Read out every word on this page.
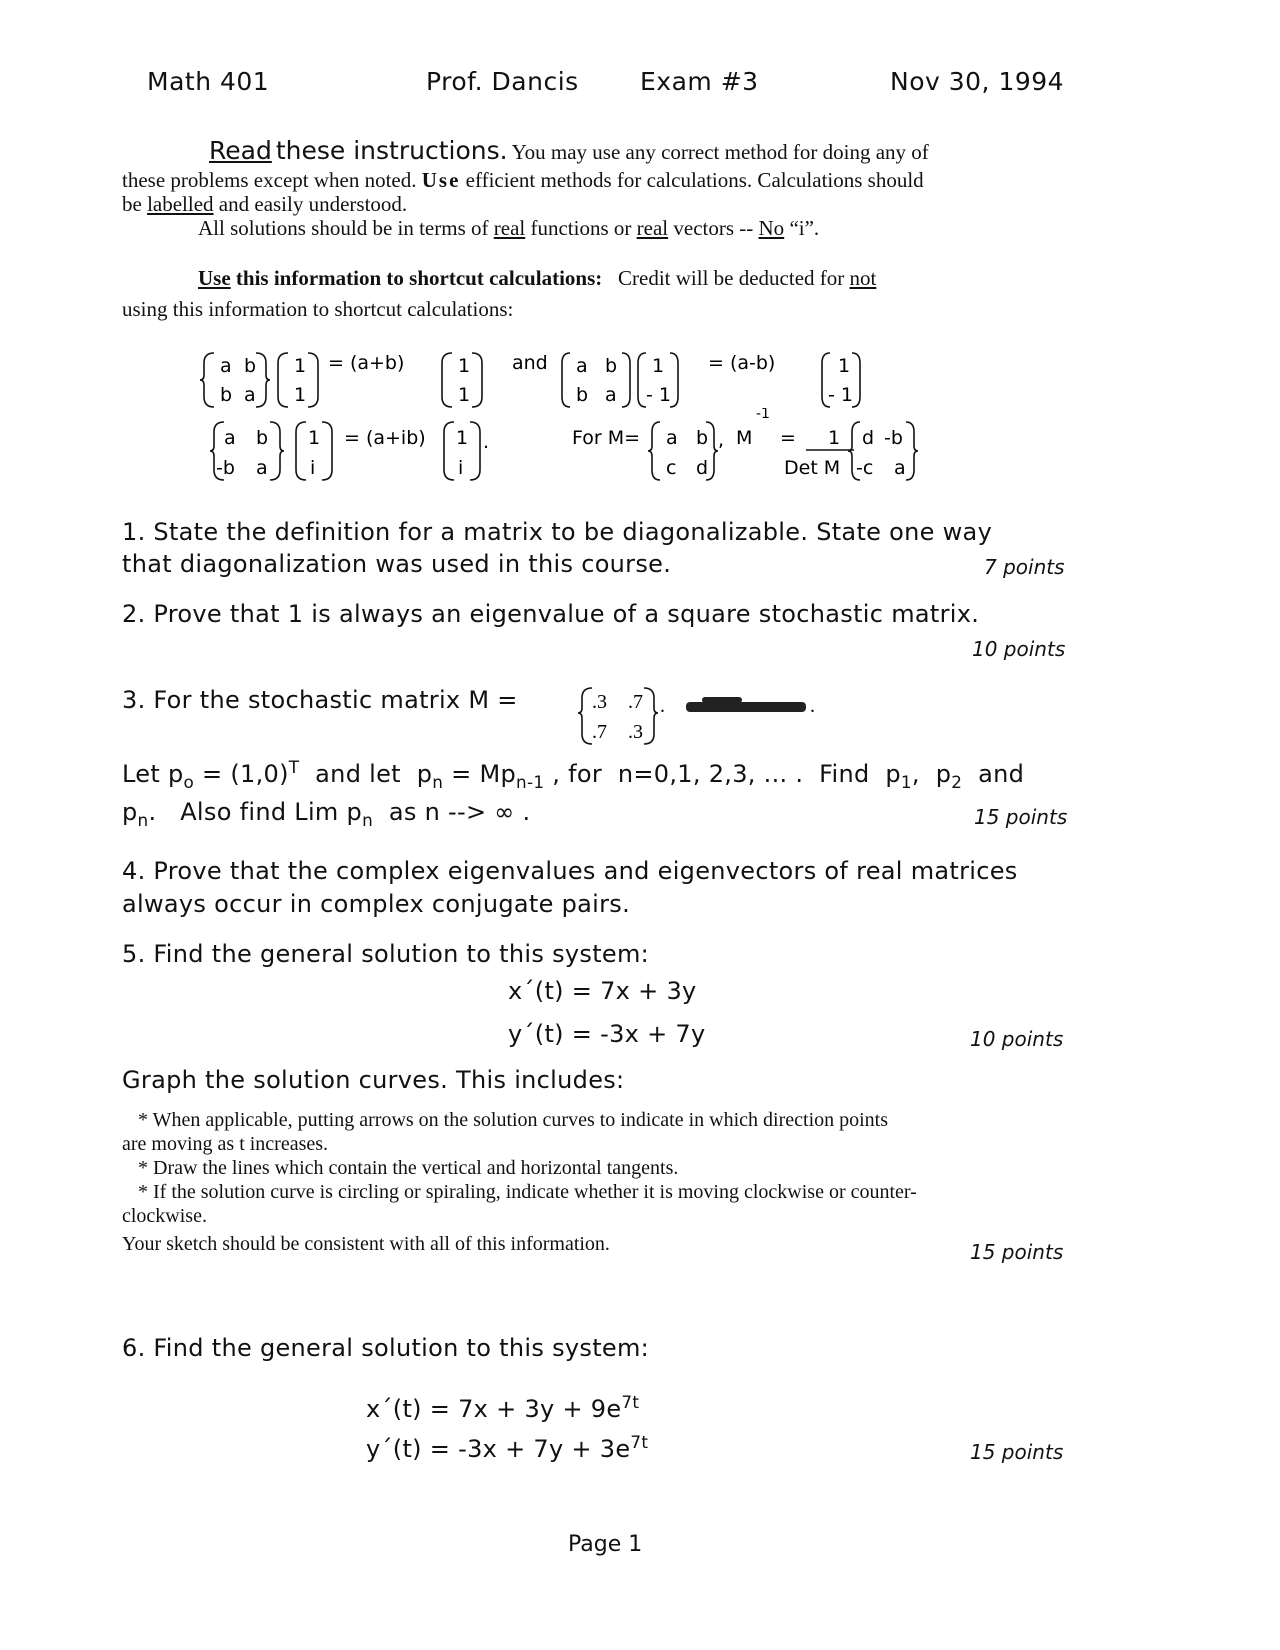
Math 401	Prof. Dancis Exam #3	Nov 30, 1994
Read these instructions. You may use any correct method for doing any of
these problems except when noted. Use efficient methods for calculations. Calculations should
be labelled and easily understood.
All solutions should be in terms of real functions or real vectors -- No “i”.
Use this information to shortcut calculations: Credit will be deducted for not
using this information to shortcut calculations:
a b
b a
1
1
= (a+b)	1
1
and a b
b a
1
- 1
= (a-b)	1
- 1
a b
-b a
1
i
= (a+ib) 1
i
.	For M= a b
c d
, M
-1
= 1
Det M
d -b
-c a
1. State the definition for a matrix to be diagonalizable. State one way
that diagonalization was used in this course.	7 points
2. Prove that 1 is always an eigenvalue of a square stochastic matrix.
10 points
3. For the stochastic matrix M =	.3 .7
.7 .3
.	.
Let $p_o = (1,0)^T$  and let  $p_n = Mp_{n-1}$ , for  n=0,1, 2,3, ... .  Find  $p_1$,  $p_2$  and
$p_n$.   Also find Lim $p_n$  as n --> ∞ .	15 points
4. Prove that the complex eigenvalues and eigenvectors of real matrices
always occur in complex conjugate pairs.
5. Find the general solution to this system:
x´(t) = 7x + 3y
y´(t) = -3x + 7y	10 points
Graph the solution curves. This includes:
* When applicable, putting arrows on the solution curves to indicate in which direction points
are moving as t increases.
* Draw the lines which contain the vertical and horizontal tangents.
* If the solution curve is circling or spiraling, indicate whether it is moving clockwise or counter-
clockwise.
Your sketch should be consistent with all of this information.	15 points
6. Find the general solution to this system:
x´(t) = $7x + 3y + 9e^{7t}$
y´(t) = $-3x + 7y + 3e^{7t}$	15 points
Page 1
